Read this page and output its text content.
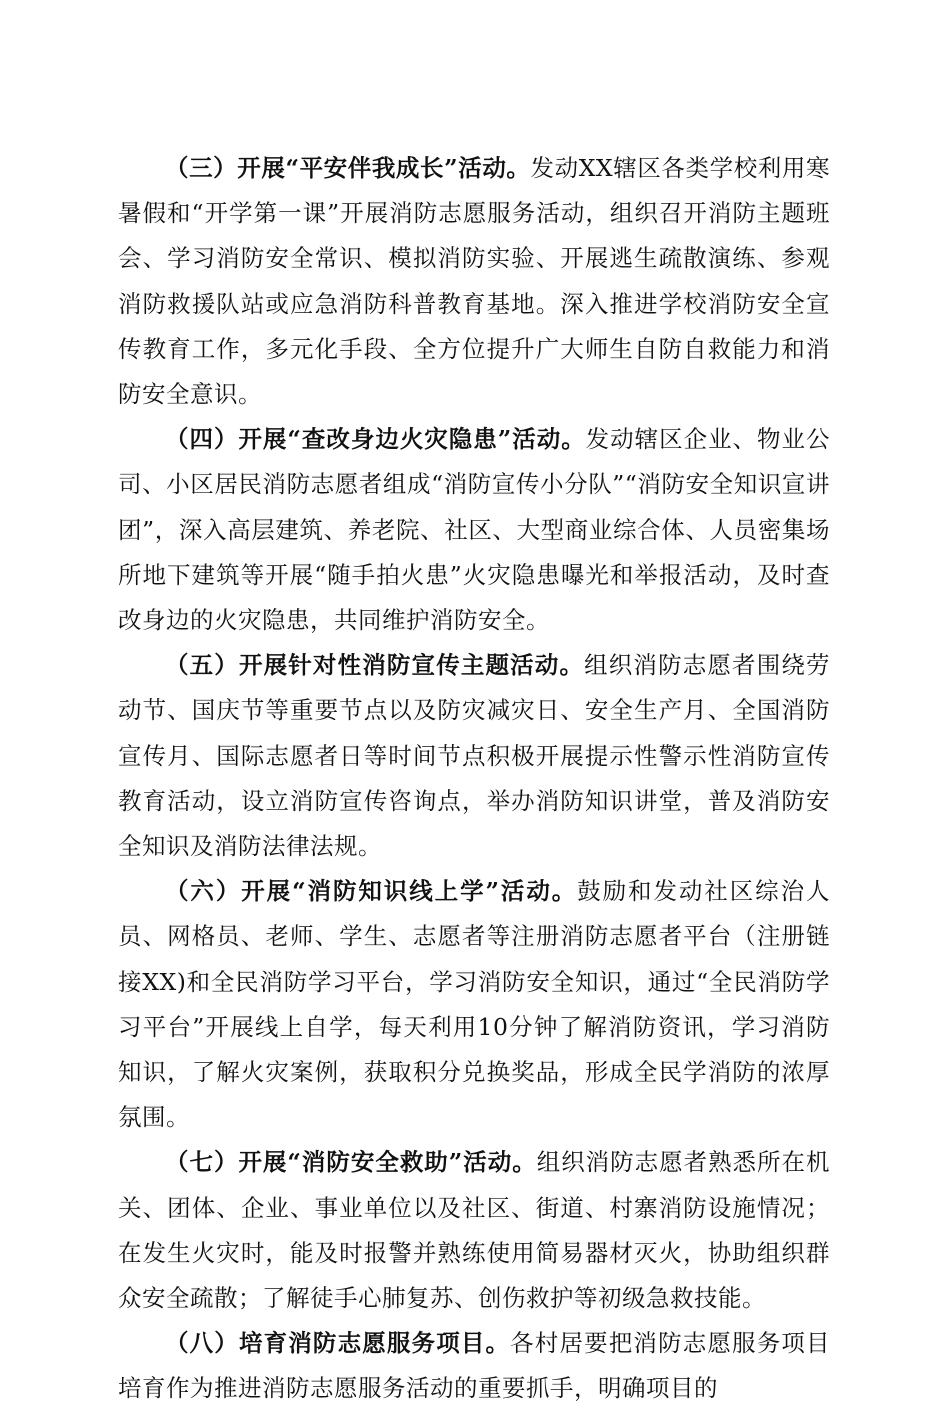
（三）开展“平安伴我成长”活动。发动XX辖区各类学校利用寒暑假和“开学第一课”开展消防志愿服务活动，组织召开消防主题班会、学习消防安全常识、模拟消防实验、开展逃生疏散演练、参观消防救援队站或应急消防科普教育基地。深入推进学校消防安全宣传教育工作，多元化手段、全方位提升广大师生自防自救能力和消防安全意识。

（四）开展“查改身边火灾隐患”活动。发动辖区企业、物业公司、小区居民消防志愿者组成“消防宣传小分队”“消防安全知识宣讲团”，深入高层建筑、养老院、社区、大型商业综合体、人员密集场所地下建筑等开展“随手拍火患”火灾隐患曝光和举报活动，及时查改身边的火灾隐患，共同维护消防安全。

（五）开展针对性消防宣传主题活动。组织消防志愿者围绕劳动节、国庆节等重要节点以及防灾减灾日、安全生产月、全国消防宣传月、国际志愿者日等时间节点积极开展提示性警示性消防宣传教育活动，设立消防宣传咨询点，举办消防知识讲堂，普及消防安全知识及消防法律法规。

（六）开展“消防知识线上学”活动。鼓励和发动社区综治人员、网格员、老师、学生、志愿者等注册消防志愿者平台（注册链接XX)和全民消防学习平台，学习消防安全知识，通过“全民消防学习平台”开展线上自学，每天利用10分钟了解消防资讯，学习消防知识，了解火灾案例，获取积分兑换奖品，形成全民学消防的浓厚氛围。

（七）开展“消防安全救助”活动。组织消防志愿者熟悉所在机关、团体、企业、事业单位以及社区、街道、村寨消防设施情况；在发生火灾时，能及时报警并熟练使用简易器材灭火，协助组织群众安全疏散；了解徒手心肺复苏、创伤救护等初级急救技能。

（八）培育消防志愿服务项目。各村居要把消防志愿服务项目培育作为推进消防志愿服务活动的重要抓手，明确项目的
